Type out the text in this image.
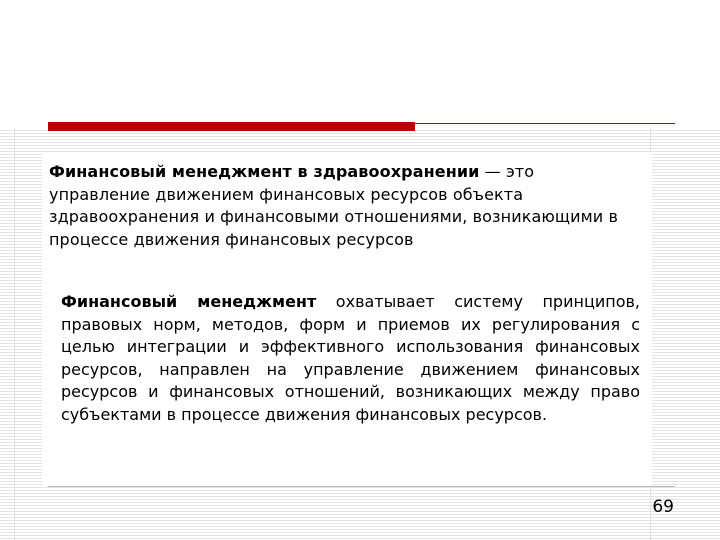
Финансовый менеджмент в здравоохранении — это управление движением финансовых ресурсов объекта здравоохранения и финансовыми отношениями, возникающими в процессе движения финансовых ресурсов
Финансовый менеджмент охватывает систему принципов, правовых норм, методов, форм и приемов их регулирования с целью интеграции и эффективного использования финансовых ресурсов, направлен на управление движением финансовых ресурсов и финансовых отношений, возникающих между право субъектами в процессе движения финансовых ресурсов.
69
